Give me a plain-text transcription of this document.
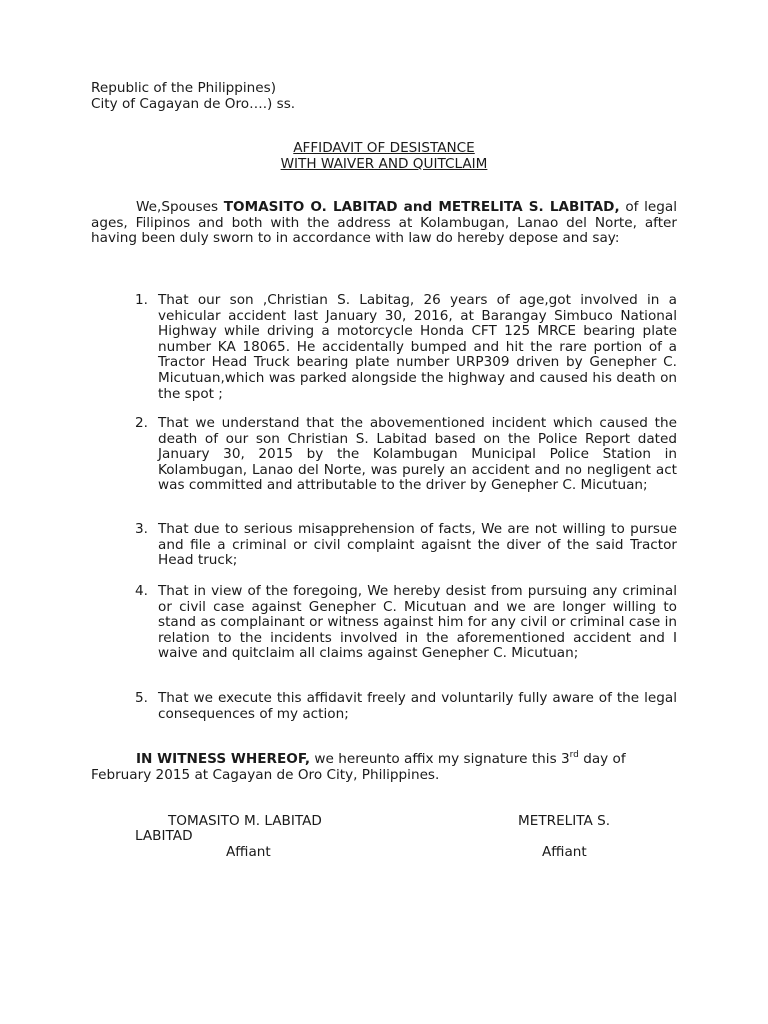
Republic of the Philippines)
City of Cagayan de Oro….) ss.
AFFIDAVIT OF DESISTANCE
WITH WAIVER AND QUITCLAIM
We,Spouses TOMASITO O. LABITAD and METRELITA S. LABITAD, of legal ages, Filipinos and both with the address at Kolambugan, Lanao del Norte, after having been duly sworn to in accordance with law do hereby depose and say:
1. That our son ,Christian S. Labitag, 26 years of age,got involved in a vehicular accident last January 30, 2016, at Barangay Simbuco National Highway while driving a motorcycle Honda CFT 125 MRCE bearing plate number KA 18065. He accidentally bumped and hit the rare portion of a Tractor Head Truck bearing plate number URP309 driven by Genepher C. Micutuan,which was parked alongside the highway and caused his death on the spot ;
2. That we understand that the abovementioned incident which caused the death of our son Christian S. Labitad based on the Police Report dated January 30, 2015 by the Kolambugan Municipal Police Station in Kolambugan, Lanao del Norte, was purely an accident and no negligent act was committed and attributable to the driver by Genepher C. Micutuan;
3. That due to serious misapprehension of facts, We are not willing to pursue and file a criminal or civil complaint agaisnt the diver of the said Tractor Head truck;
4. That in view of the foregoing, We hereby desist from pursuing any criminal or civil case against Genepher C. Micutuan and we are longer willing to stand as complainant or witness against him for any civil or criminal case in relation to the incidents involved in the aforementioned accident and I waive and quitclaim all claims against Genepher C. Micutuan;
5. That we execute this affidavit freely and voluntarily fully aware of the legal consequences of my action;
IN WITNESS WHEREOF, we hereunto affix my signature this 3rd day of February 2015 at Cagayan de Oro City, Philippines.
TOMASITO M. LABITAD
LABITAD
METRELITA S.
Affiant	Affiant
